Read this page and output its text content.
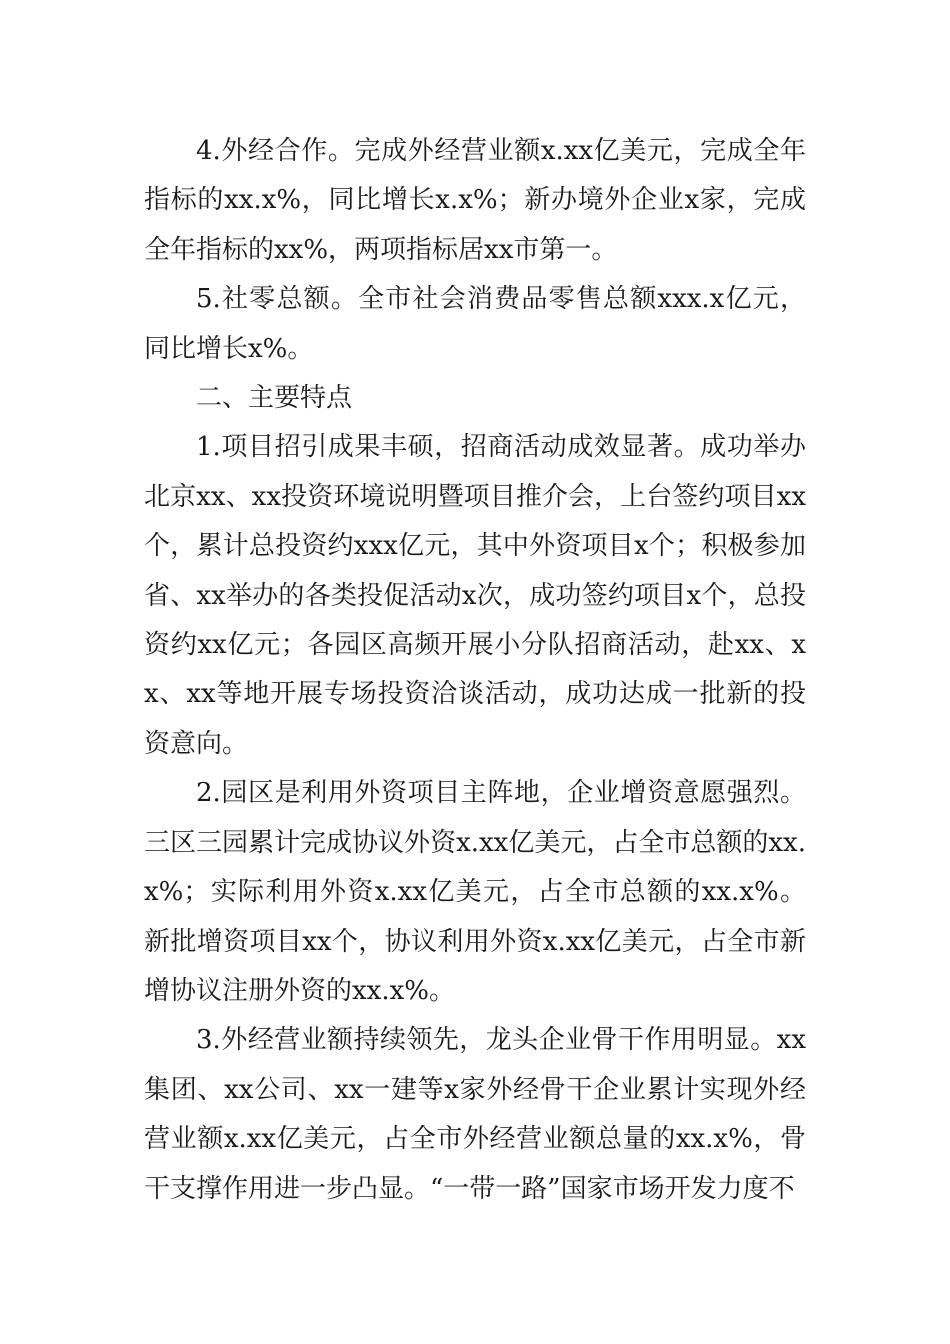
4.外经合作。完成外经营业额x.xx亿美元，完成全年指标的xx.x%，同比增长x.x%；新办境外企业x家，完成全年指标的xx%，两项指标居xx市第一。

5.社零总额。全市社会消费品零售总额xxx.x亿元，同比增长x%。

二、主要特点

1.项目招引成果丰硕，招商活动成效显著。成功举办北京xx、xx投资环境说明暨项目推介会，上台签约项目xx个，累计总投资约xxx亿元，其中外资项目x个；积极参加省、xx举办的各类投促活动x次，成功签约项目x个，总投资约xx亿元；各园区高频开展小分队招商活动，赴xx、xx、xx等地开展专场投资洽谈活动，成功达成一批新的投资意向。

2.园区是利用外资项目主阵地，企业增资意愿强烈。三区三园累计完成协议外资x.xx亿美元，占全市总额的xx.x%；实际利用外资x.xx亿美元，占全市总额的xx.x%。新批增资项目xx个，协议利用外资x.xx亿美元，占全市新增协议注册外资的xx.x%。

3.外经营业额持续领先，龙头企业骨干作用明显。xx集团、xx公司、xx一建等x家外经骨干企业累计实现外经营业额x.xx亿美元，占全市外经营业额总量的xx.x%，骨干支撑作用进一步凸显。“一带一路”国家市场开发力度不
